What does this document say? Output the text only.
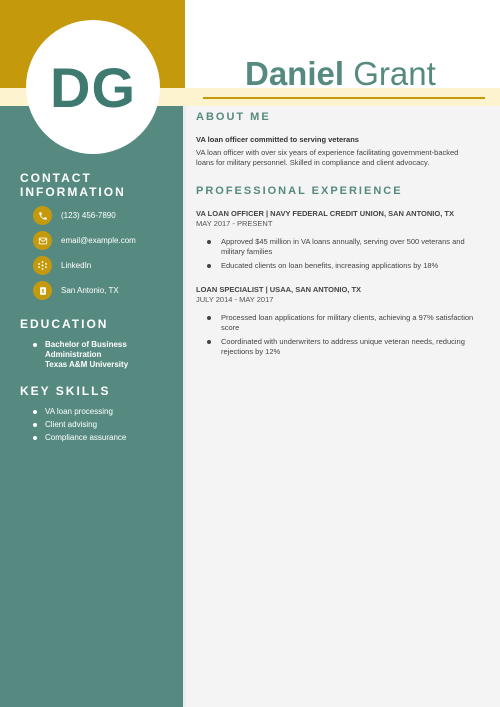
DG	Daniel Grant
CONTACT
INFORMATION
(123) 456-7890
email@example.com
LinkedIn
San Antonio, TX
EDUCATION
Bachelor of Business
Administration
Texas A&M University
KEY SKILLS
VA loan processing
Client advising
Compliance assurance
ABOUT ME
VA loan officer committed to serving veterans
VA loan officer with over six years of experience facilitating government-backed loans for military personnel. Skilled in compliance and client advocacy.
PROFESSIONAL EXPERIENCE
VA LOAN OFFICER | NAVY FEDERAL CREDIT UNION, SAN ANTONIO, TX
MAY 2017 - PRESENT
Approved $45 million in VA loans annually, serving over 500 veterans and military families
Educated clients on loan benefits, increasing applications by 18%
LOAN SPECIALIST | USAA, SAN ANTONIO, TX
JULY 2014 - MAY 2017
Processed loan applications for military clients, achieving a 97% satisfaction score
Coordinated with underwriters to address unique veteran needs, reducing rejections by 12%
